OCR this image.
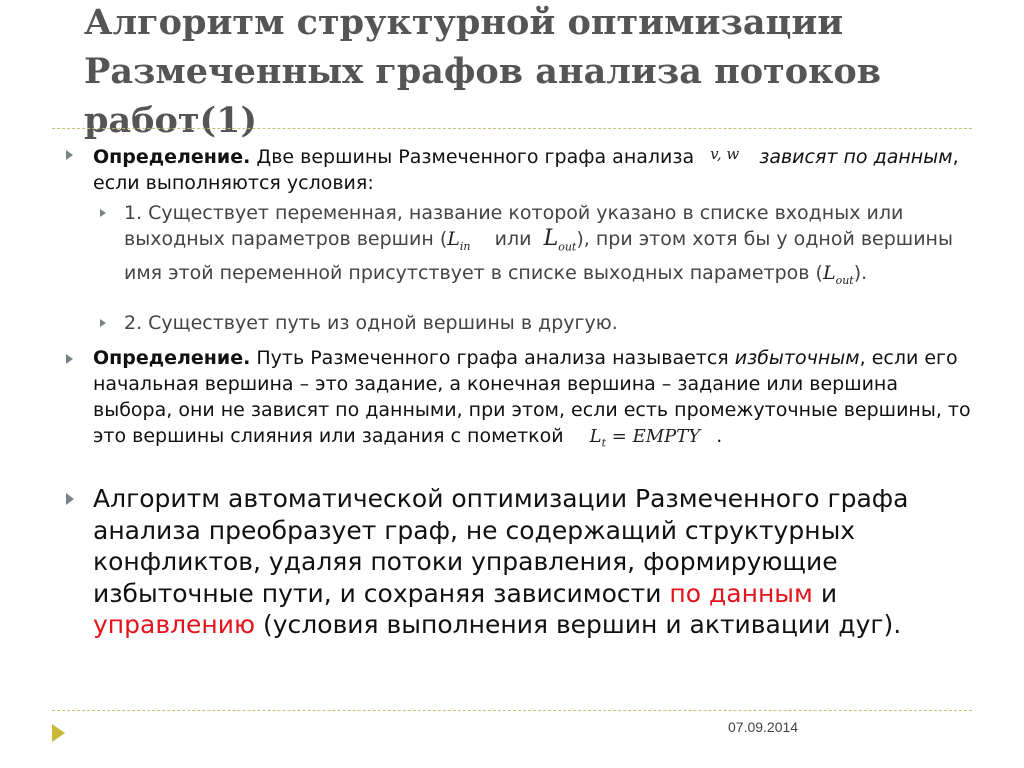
Алгоритм структурной оптимизации Размеченных графов анализа потоков работ(1)

Определение. Две вершины Размеченного графа анализа v, w зависят по данным, если выполняются условия:

1. Существует переменная, название которой указано в списке входных или выходных параметров вершин ($L_{in}$ или $L_{out}$), при этом хотя бы у одной вершины имя этой переменной присутствует в списке выходных параметров $(L_{out})$.

2. Существует путь из одной вершины в другую.

Определение. Путь Размеченного графа анализа называется избыточным, если его начальная вершина – это задание, а конечная вершина – задание или вершина выбора, они не зависят по данными, при этом, если есть промежуточные вершины, то это вершины слияния или задания с пометкой $L_t$ = EMPTY .

Алгоритм автоматической оптимизации Размеченного графа анализа преобразует граф, не содержащий структурных конфликтов, удаляя потоки управления, формирующие избыточные пути, и сохраняя зависимости по данным и управлению (условия выполнения вершин и активации дуг).

07.09.2014
